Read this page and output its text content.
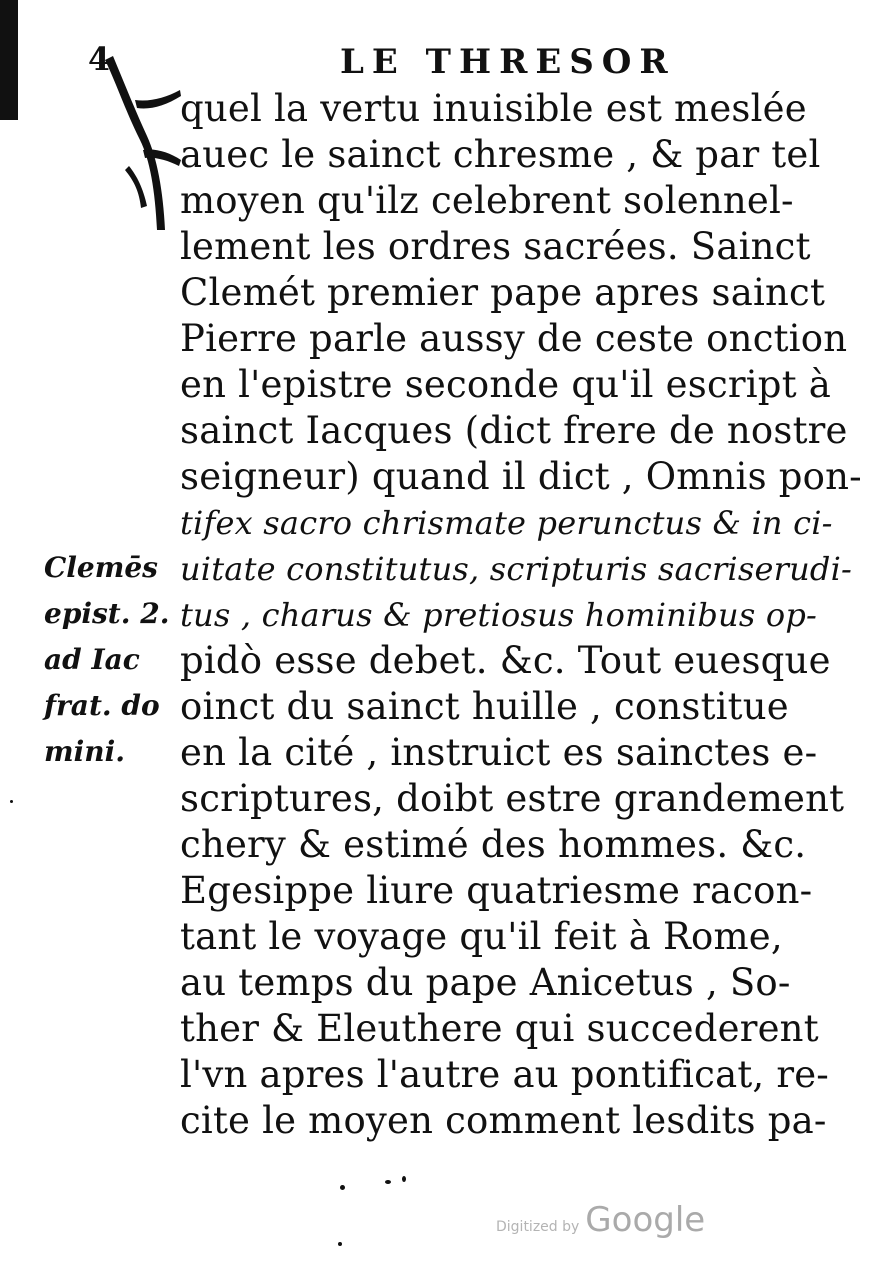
4	LE THRESOR
quel la vertu inuisible est meslée
auec le sainct chresme , & par tel
moyen qu'ilz celebrent solennel-
lement les ordres sacrées. Sainct
Clemét premier pape apres sainct
Pierre parle aussy de ceste onction
en l'epistre seconde qu'il escript à
sainct Iacques (dict frere de nostre
seigneur) quand il dict , Omnis pon-
tifex sacro chrismate perunctus & in ci-
uitate constitutus, scripturis sacriserudi-
tus , charus & pretiosus hominibus op-
pidò esse debet. &c. Tout euesque
oinct du sainct huille , constitue
en la cité , instruict es sainctes e-
scriptures, doibt estre grandement
chery & estimé des hommes. &c.
Egesippe liure quatriesme racon-
tant le voyage qu'il feit à Rome,
au temps du pape Anicetus , So-
ther & Eleuthere qui succederent
l'vn apres l'autre au pontificat, re-
cite le moyen comment lesdits pa-
Clemēs
epist. 2.
ad Iac
frat. do
mini.
Digitized by Google
